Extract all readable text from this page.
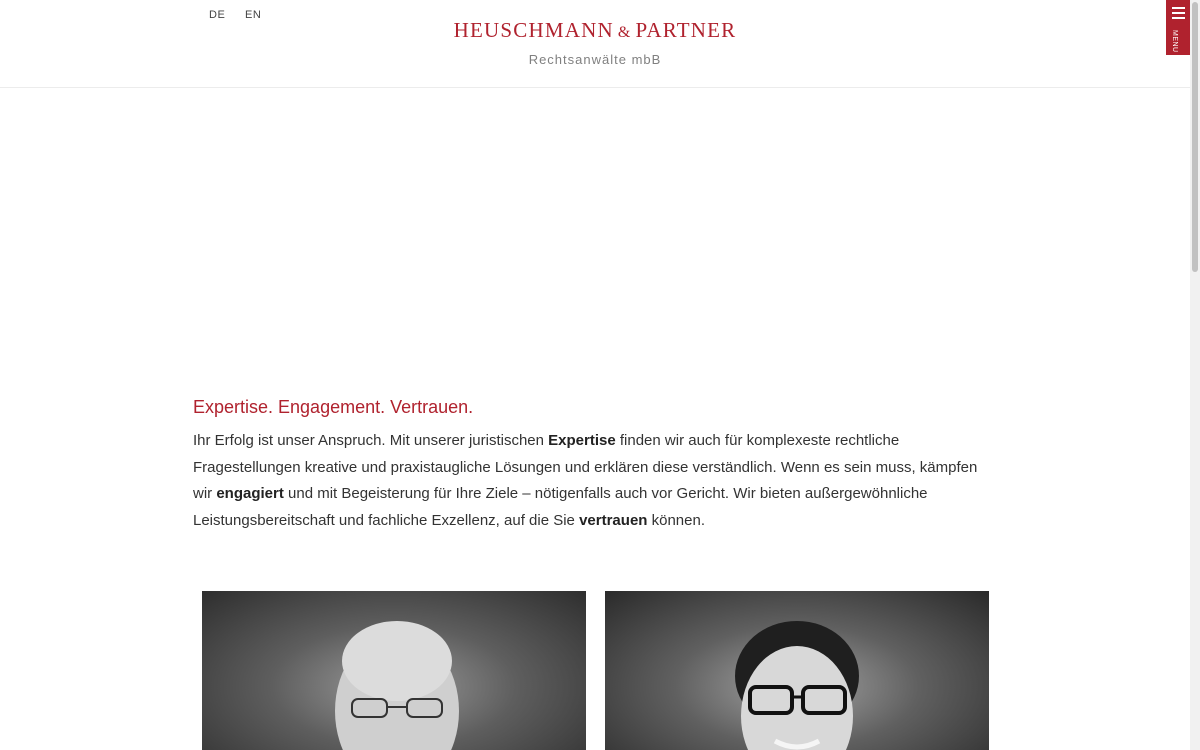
DE EN
HEUSCHMANN & PARTNER
Rechtsanwälte mbB
MENU
Expertise. Engagement. Vertrauen.

Ihr Erfolg ist unser Anspruch. Mit unserer juristischen Expertise finden wir auch für komplexeste rechtliche Fragestellungen kreative und praxistaugliche Lösungen und erklären diese verständlich. Wenn es sein muss, kämpfen wir engagiert und mit Begeisterung für Ihre Ziele – nötigenfalls auch vor Gericht. Wir bieten außergewöhnliche Leistungsbereitschaft und fachliche Exzellenz, auf die Sie vertrauen können.
